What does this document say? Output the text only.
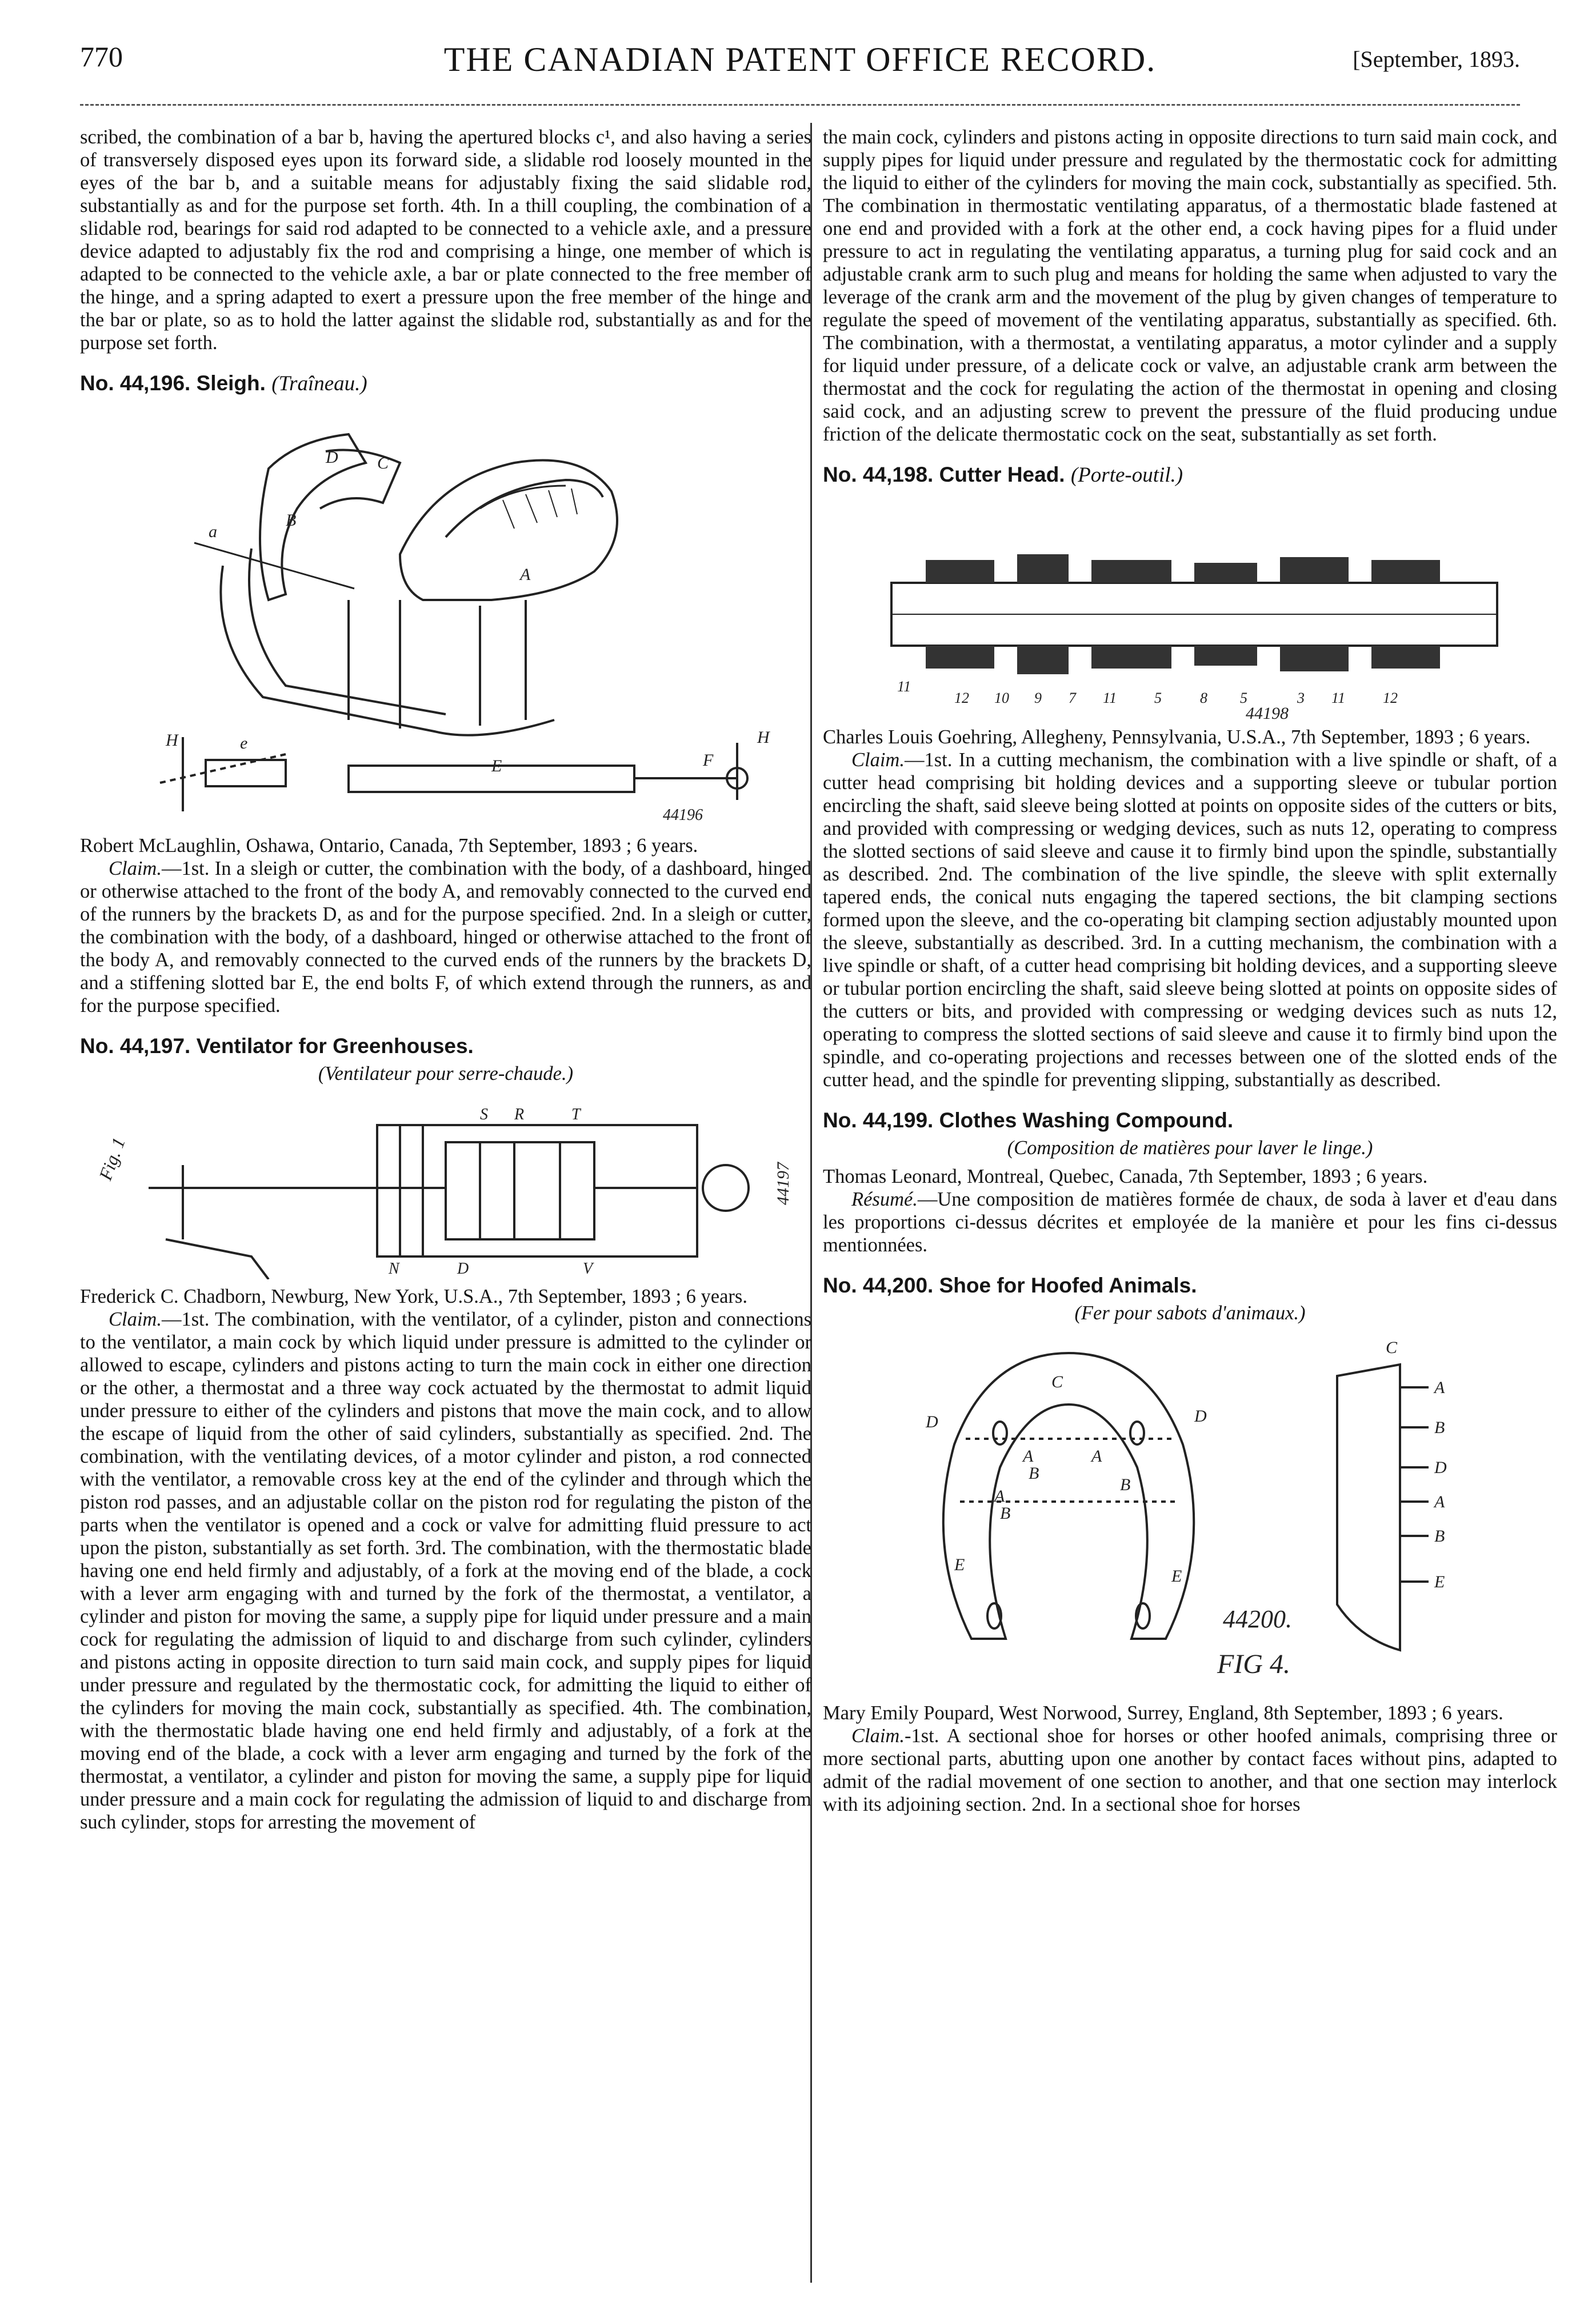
770	THE CANADIAN PATENT OFFICE RECORD.	[September, 1893.

scribed, the combination of a bar b, having the apertured blocks c¹, and also having a series of transversely disposed eyes upon its forward side, a slidable rod loosely mounted in the eyes of the bar b, and a suitable means for adjustably fixing the said slidable rod, substantially as and for the purpose set forth. 4th. In a thill coupling, the combination of a slidable rod, bearings for said rod adapted to be connected to a vehicle axle, and a pressure device adapted to adjustably fix the rod and comprising a hinge, one member of which is adapted to be connected to the vehicle axle, a bar or plate connected to the free member of the hinge, and a spring adapted to exert a pressure upon the free member of the hinge and the bar or plate, so as to hold the latter against the slidable rod, substantially as and for the purpose set forth.

No. 44,196. Sleigh. (Traîneau.)

H	H
A
a
B
E	F
C
D
e
44196

Robert McLaughlin, Oshawa, Ontario, Canada, 7th September, 1893 ; 6 years.

Claim.—1st. In a sleigh or cutter, the combination with the body, of a dashboard, hinged or otherwise attached to the front of the body A, and removably connected to the curved end of the runners by the brackets D, as and for the purpose specified. 2nd. In a sleigh or cutter, the combination with the body, of a dashboard, hinged or otherwise attached to the front of the body A, and removably connected to the curved ends of the runners by the brackets D, and a stiffening slotted bar E, the end bolts F, of which extend through the runners, as and for the purpose specified.

No. 44,197. Ventilator for Greenhouses.

(Ventilateur pour serre-chaude.)

S R	T
N	D	V
Fig. 1
44197

Frederick C. Chadborn, Newburg, New York, U.S.A., 7th September, 1893 ; 6 years.

Claim.—1st. The combination, with the ventilator, of a cylinder, piston and connections to the ventilator, a main cock by which liquid under pressure is admitted to the cylinder or allowed to escape, cylinders and pistons acting to turn the main cock in either one direction or the other, a thermostat and a three way cock actuated by the thermostat to admit liquid under pressure to either of the cylinders and pistons that move the main cock, and to allow the escape of liquid from the other of said cylinders, substantially as specified. 2nd. The combination, with the ventilating devices, of a motor cylinder and piston, a rod connected with the ventilator, a removable cross key at the end of the cylinder and through which the piston rod passes, and an adjustable collar on the piston rod for regulating the piston of the parts when the ventilator is opened and a cock or valve for admitting fluid pressure to act upon the piston, substantially as set forth. 3rd. The combination, with the thermostatic blade having one end held firmly and adjustably, of a fork at the moving end of the blade, a cock with a lever arm engaging with and turned by the fork of the thermostat, a ventilator, a cylinder and piston for moving the same, a supply pipe for liquid under pressure and a main cock for regulating the admission of liquid to and discharge from such cylinder, cylinders and pistons acting in opposite direction to turn said main cock, and supply pipes for liquid under pressure and regulated by the thermostatic cock, for admitting the liquid to either of the cylinders for moving the main cock, substantially as specified. 4th. The combination, with the thermostatic blade having one end held firmly and adjustably, of a fork at the moving end of the blade, a cock with a lever arm engaging and turned by the fork of the thermostat, a ventilator, a cylinder and piston for moving the same, a supply pipe for liquid under pressure and a main cock for regulating the admission of liquid to and discharge from such cylinder, stops for arresting the movement of

the main cock, cylinders and pistons acting in opposite directions to turn said main cock, and supply pipes for liquid under pressure and regulated by the thermostatic cock for admitting the liquid to either of the cylinders for moving the main cock, substantially as specified. 5th. The combination in thermostatic ventilating apparatus, of a thermostatic blade fastened at one end and provided with a fork at the other end, a cock having pipes for a fluid under pressure to act in regulating the ventilating apparatus, a turning plug for said cock and an adjustable crank arm to such plug and means for holding the same when adjusted to vary the leverage of the crank arm and the movement of the plug by given changes of temperature to regulate the speed of movement of the ventilating apparatus, substantially as specified. 6th. The combination, with a thermostat, a ventilating apparatus, a motor cylinder and a supply for liquid under pressure, of a delicate cock or valve, an adjustable crank arm between the thermostat and the cock for regulating the action of the thermostat in opening and closing said cock, and an adjusting screw to prevent the pressure of the fluid producing undue friction of the delicate thermostatic cock on the seat, substantially as set forth.

No. 44,198. Cutter Head. (Porte-outil.)

11
12 10 9 7 11	5	8 5	3 11	12
44198

Charles Louis Goehring, Allegheny, Pennsylvania, U.S.A., 7th September, 1893 ; 6 years.

Claim.—1st. In a cutting mechanism, the combination with a live spindle or shaft, of a cutter head comprising bit holding devices and a supporting sleeve or tubular portion encircling the shaft, said sleeve being slotted at points on opposite sides of the cutters or bits, and provided with compressing or wedging devices, such as nuts 12, operating to compress the slotted sections of said sleeve and cause it to firmly bind upon the spindle, substantially as described. 2nd. The combination of the live spindle, the sleeve with split externally tapered ends, the conical nuts engaging the tapered sections, the bit clamping sections formed upon the sleeve, and the co-operating bit clamping section adjustably mounted upon the sleeve, substantially as described. 3rd. In a cutting mechanism, the combination with a live spindle or shaft, of a cutter head comprising bit holding devices, and a supporting sleeve or tubular portion encircling the shaft, said sleeve being slotted at points on opposite sides of the cutters or bits, and provided with compressing or wedging devices such as nuts 12, operating to compress the slotted sections of said sleeve and cause it to firmly bind upon the spindle, and co-operating projections and recesses between one of the slotted ends of the cutter head, and the spindle for preventing slipping, substantially as described.

No. 44,199. Clothes Washing Compound.

(Composition de matières pour laver le linge.)

Thomas Leonard, Montreal, Quebec, Canada, 7th September, 1893 ; 6 years.

Résumé.—Une composition de matières formée de chaux, de soda à laver et d'eau dans les proportions ci-dessus décrites et employée de la manière et pour les fins ci-dessus mentionnées.

No. 44,200. Shoe for Hoofed Animals.

(Fer pour sabots d'animaux.)

C
D	D
A	A
A
B
B
B
E
E
C
A
B
D
A
B
E
44200.
FIG 4.

Mary Emily Poupard, West Norwood, Surrey, England, 8th September, 1893 ; 6 years.

Claim.-1st. A sectional shoe for horses or other hoofed animals, comprising three or more sectional parts, abutting upon one another by contact faces without pins, adapted to admit of the radial movement of one section to another, and that one section may interlock with its adjoining section. 2nd. In a sectional shoe for horses
